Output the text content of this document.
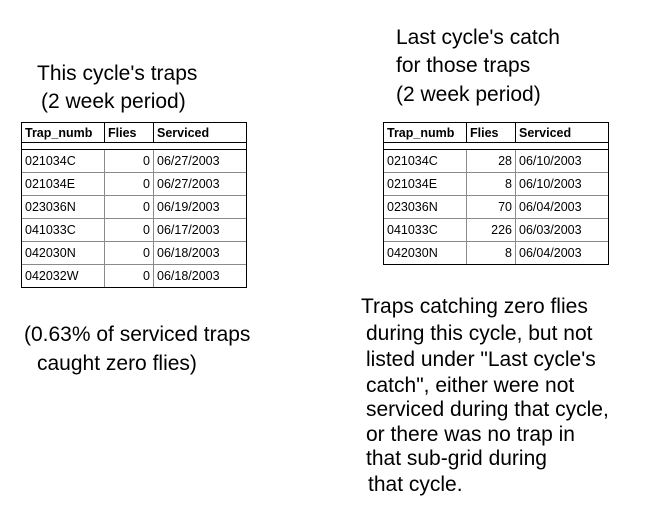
This cycle's traps
(2 week period)
Last cycle's catch
for those traps
(2 week period)
Trap_numb	Flies	Serviced
021034C	0 06/27/2003
021034E	0 06/27/2003
023036N	0 06/19/2003
041033C	0 06/17/2003
042030N	0 06/18/2003
042032W	0 06/18/2003
Trap_numb	Flies	Serviced
021034C	28 06/10/2003
021034E	8 06/10/2003
023036N	70 06/04/2003
041033C	226 06/03/2003
042030N	8 06/04/2003
(0.63% of serviced traps
caught zero flies)
Traps catching zero flies
during this cycle, but not
listed under "Last cycle's
catch", either were not
serviced during that cycle,
or there was no trap in
that sub-grid during
that cycle.
